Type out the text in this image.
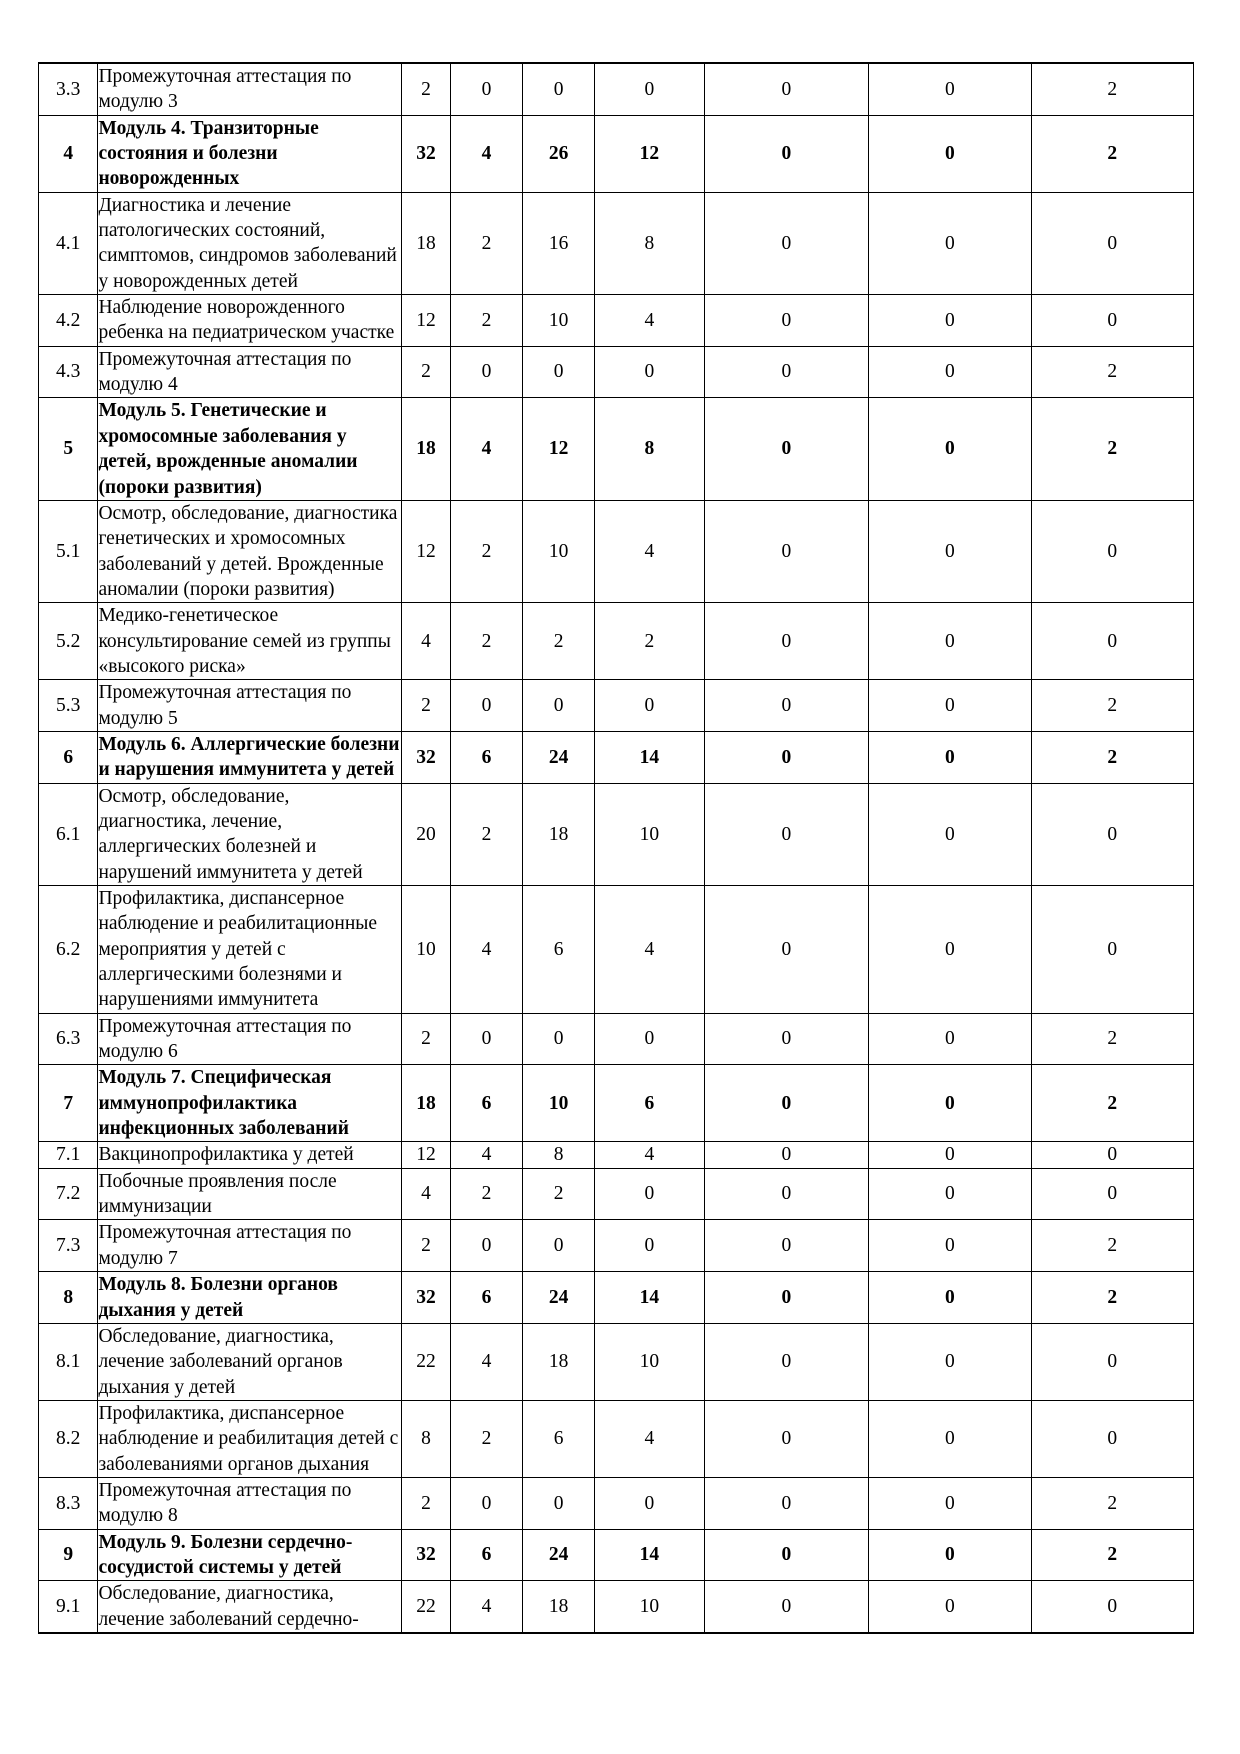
3.3	Промежуточная аттестация по модулю 3	2	0	0	0	0	0	2
4	Модуль 4. Транзиторные состояния и болезни новорожденных	32	4	26	12	0	0	2
4.1	Диагностика и лечение патологических состояний, симптомов, синдромов заболеваний у новорожденных детей	18	2	16	8	0	0	0
4.2	Наблюдение новорожденного ребенка на педиатрическом участке	12	2	10	4	0	0	0
4.3	Промежуточная аттестация по модулю 4	2	0	0	0	0	0	2
5	Модуль 5. Генетические и хромосомные заболевания у детей, врожденные аномалии (пороки развития)	18	4	12	8	0	0	2
5.1	Осмотр, обследование, диагностика генетических и хромосомных заболеваний у детей. Врожденные аномалии (пороки развития)	12	2	10	4	0	0	0
5.2	Медико-генетическое консультирование семей из группы «высокого риска»	4	2	2	2	0	0	0
5.3	Промежуточная аттестация по модулю 5	2	0	0	0	0	0	2
6	Модуль 6. Аллергические болезни и нарушения иммунитета у детей	32	6	24	14	0	0	2
6.1	Осмотр, обследование, диагностика, лечение, аллергических болезней и нарушений иммунитета у детей	20	2	18	10	0	0	0
6.2	Профилактика, диспансерное наблюдение и реабилитационные мероприятия у детей с аллергическими болезнями и нарушениями иммунитета	10	4	6	4	0	0	0
6.3	Промежуточная аттестация по модулю 6	2	0	0	0	0	0	2
7	Модуль 7. Специфическая иммунопрофилактика инфекционных заболеваний	18	6	10	6	0	0	2
7.1	Вакцинопрофилактика у детей	12	4	8	4	0	0	0
7.2	Побочные проявления после иммунизации	4	2	2	0	0	0	0
7.3	Промежуточная аттестация по модулю 7	2	0	0	0	0	0	2
8	Модуль 8. Болезни органов дыхания у детей	32	6	24	14	0	0	2
8.1	Обследование, диагностика, лечение заболеваний органов дыхания у детей	22	4	18	10	0	0	0
8.2	Профилактика, диспансерное наблюдение и реабилитация детей с заболеваниями органов дыхания	8	2	6	4	0	0	0
8.3	Промежуточная аттестация по модулю 8	2	0	0	0	0	0	2
9	Модуль 9. Болезни сердечно-сосудистой системы у детей	32	6	24	14	0	0	2
9.1	Обследование, диагностика, лечение заболеваний сердечно-	22	4	18	10	0	0	0
